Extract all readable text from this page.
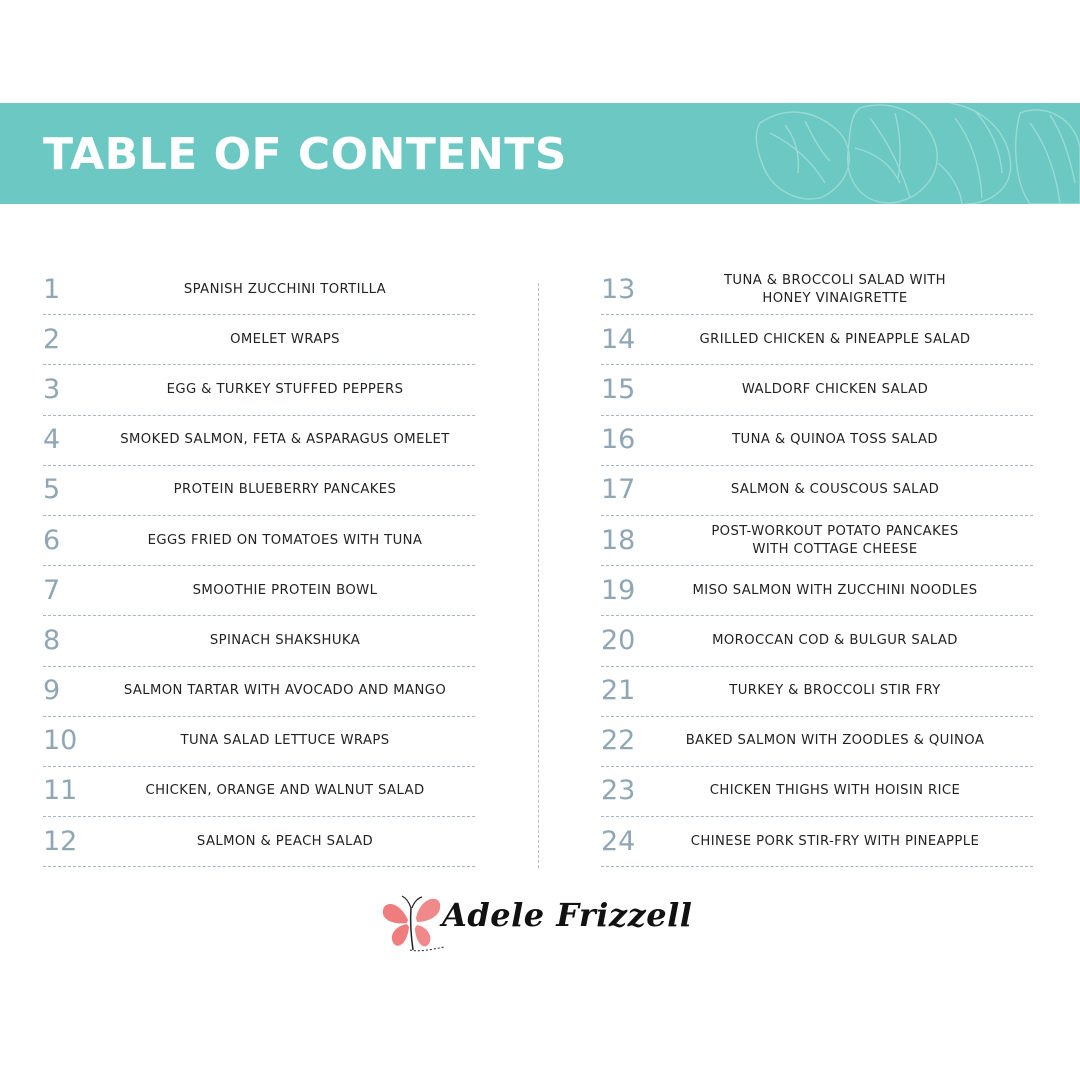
TABLE OF CONTENTS
1	SPANISH ZUCCHINI TORTILLA
2	OMELET WRAPS
3	EGG & TURKEY STUFFED PEPPERS
4	SMOKED SALMON, FETA & ASPARAGUS OMELET
5	PROTEIN BLUEBERRY PANCAKES
6	EGGS FRIED ON TOMATOES WITH TUNA
7	SMOOTHIE PROTEIN BOWL
8	SPINACH SHAKSHUKA
9	SALMON TARTAR WITH AVOCADO AND MANGO
10	TUNA SALAD LETTUCE WRAPS
11	CHICKEN, ORANGE AND WALNUT SALAD
12	SALMON & PEACH SALAD
13	TUNA & BROCCOLI SALAD WITH
HONEY VINAIGRETTE
14	GRILLED CHICKEN & PINEAPPLE SALAD
15	WALDORF CHICKEN SALAD
16	TUNA & QUINOA TOSS SALAD
17	SALMON & COUSCOUS SALAD
18	POST-WORKOUT POTATO PANCAKES
WITH COTTAGE CHEESE
19	MISO SALMON WITH ZUCCHINI NOODLES
20	MOROCCAN COD & BULGUR SALAD
21	TURKEY & BROCCOLI STIR FRY
22	BAKED SALMON WITH ZOODLES & QUINOA
23	CHICKEN THIGHS WITH HOISIN RICE
24	CHINESE PORK STIR-FRY WITH PINEAPPLE
Adele Frizzell
